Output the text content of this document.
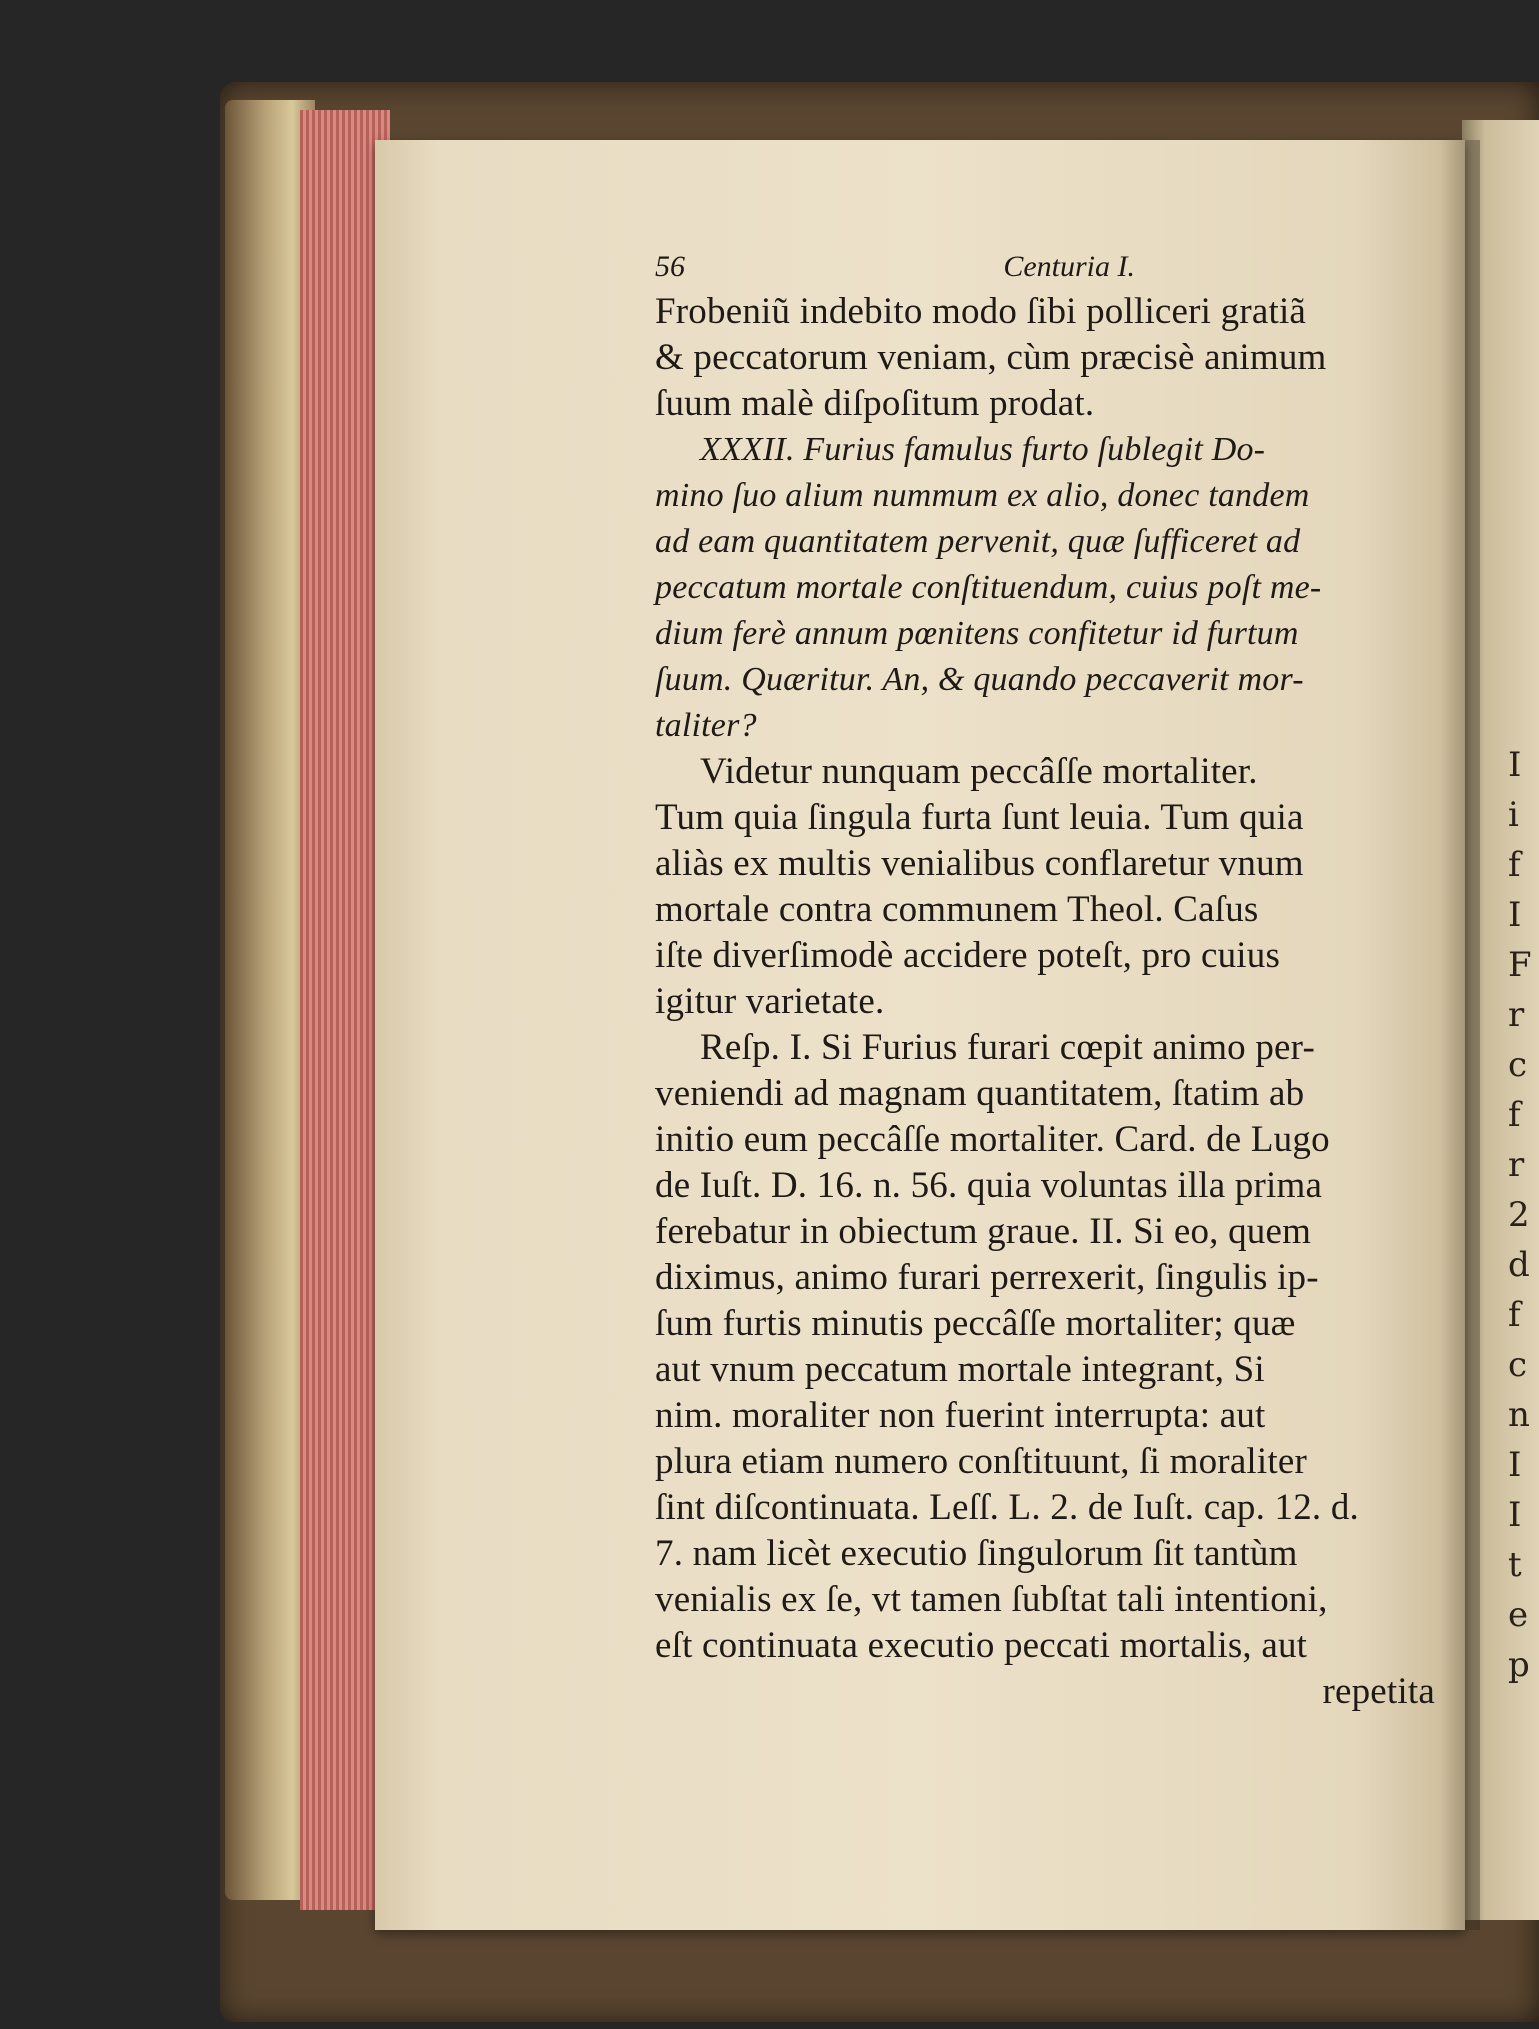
I
i
f
I
F
r
c
f
r
2
d
f
c
n
I
I
t
e
p
56	Centuria I.
Frobeniũ indebito modo ſibi polliceri gratiã
& peccatorum veniam, cùm præcisè animum
ſuum malè diſpoſitum prodat.
XXXII. Furius famulus furto ſublegit Do-
mino ſuo alium nummum ex alio, donec tandem
ad eam quantitatem pervenit, quæ ſufficeret ad
peccatum mortale conſtituendum, cuius poſt me-
dium ferè annum pœnitens confitetur id furtum
ſuum. Quæritur. An, & quando peccaverit mor-
taliter?
Videtur nunquam peccâſſe mortaliter.
Tum quia ſingula furta ſunt leuia. Tum quia
aliàs ex multis venialibus conflaretur vnum
mortale contra communem Theol. Caſus
iſte diverſimodè accidere poteſt, pro cuius
igitur varietate.
Reſp. I. Si Furius furari cœpit animo per-
veniendi ad magnam quantitatem, ſtatim ab
initio eum peccâſſe mortaliter. Card. de Lugo
de Iuſt. D. 16. n. 56. quia voluntas illa prima
ferebatur in obiectum graue. II. Si eo, quem
diximus, animo furari perrexerit, ſingulis ip-
ſum furtis minutis peccâſſe mortaliter; quæ
aut vnum peccatum mortale integrant, Si
nim. moraliter non fuerint interrupta: aut
plura etiam numero conſtituunt, ſi moraliter
ſint diſcontinuata. Leſſ. L. 2. de Iuſt. cap. 12. d.
7. nam licèt executio ſingulorum ſit tantùm
venialis ex ſe, vt tamen ſubſtat tali intentioni,
eſt continuata executio peccati mortalis, aut
repetita
